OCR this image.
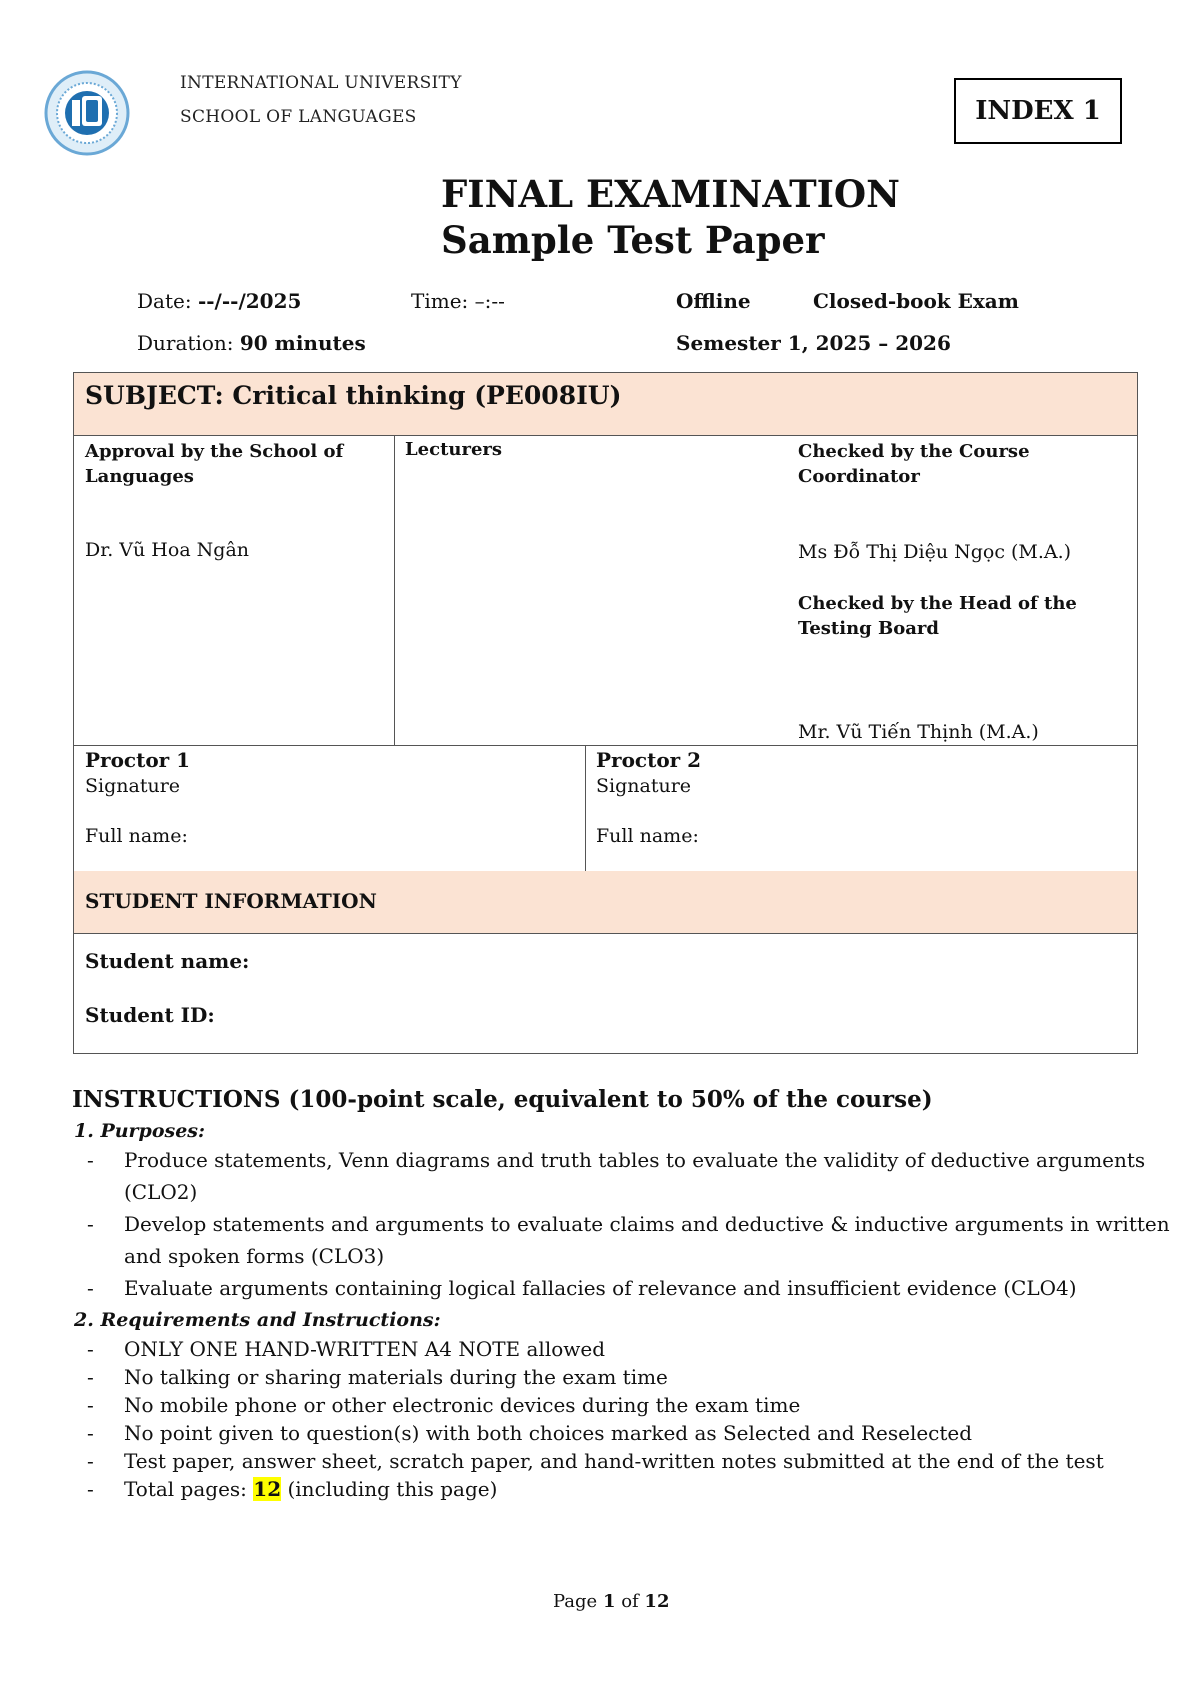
INTERNATIONAL UNIVERSITY
SCHOOL OF LANGUAGES	INDEX 1
FINAL EXAMINATION
Sample Test Paper
Date: --/--/2025	Time: –:--	Offline	Closed-book Exam
Duration: 90 minutes	Semester 1, 2025 – 2026
SUBJECT: Critical thinking (PE008IU)
Approval by the School of Languages
Dr. Vũ Hoa Ngân
Lecturers	Checked by the Course Coordinator
Ms Đỗ Thị Diệu Ngọc (M.A.)
Checked by the Head of the Testing Board
Mr. Vũ Tiến Thịnh (M.A.)
Proctor 1
Signature
Full name:
Proctor 2
Signature
Full name:
STUDENT INFORMATION
Student name:
Student ID:
INSTRUCTIONS (100-point scale, equivalent to 50% of the course)
1. Purposes:
- Produce statements, Venn diagrams and truth tables to evaluate the validity of deductive arguments
(CLO2)
- Develop statements and arguments to evaluate claims and deductive & inductive arguments in written
and spoken forms (CLO3)
- Evaluate arguments containing logical fallacies of relevance and insufficient evidence (CLO4)
2. Requirements and Instructions:
- ONLY ONE HAND-WRITTEN A4 NOTE allowed
- No talking or sharing materials during the exam time
- No mobile phone or other electronic devices during the exam time
- No point given to question(s) with both choices marked as Selected and Reselected
- Test paper, answer sheet, scratch paper, and hand-written notes submitted at the end of the test
- Total pages: 12 (including this page)
Page 1 of 12
